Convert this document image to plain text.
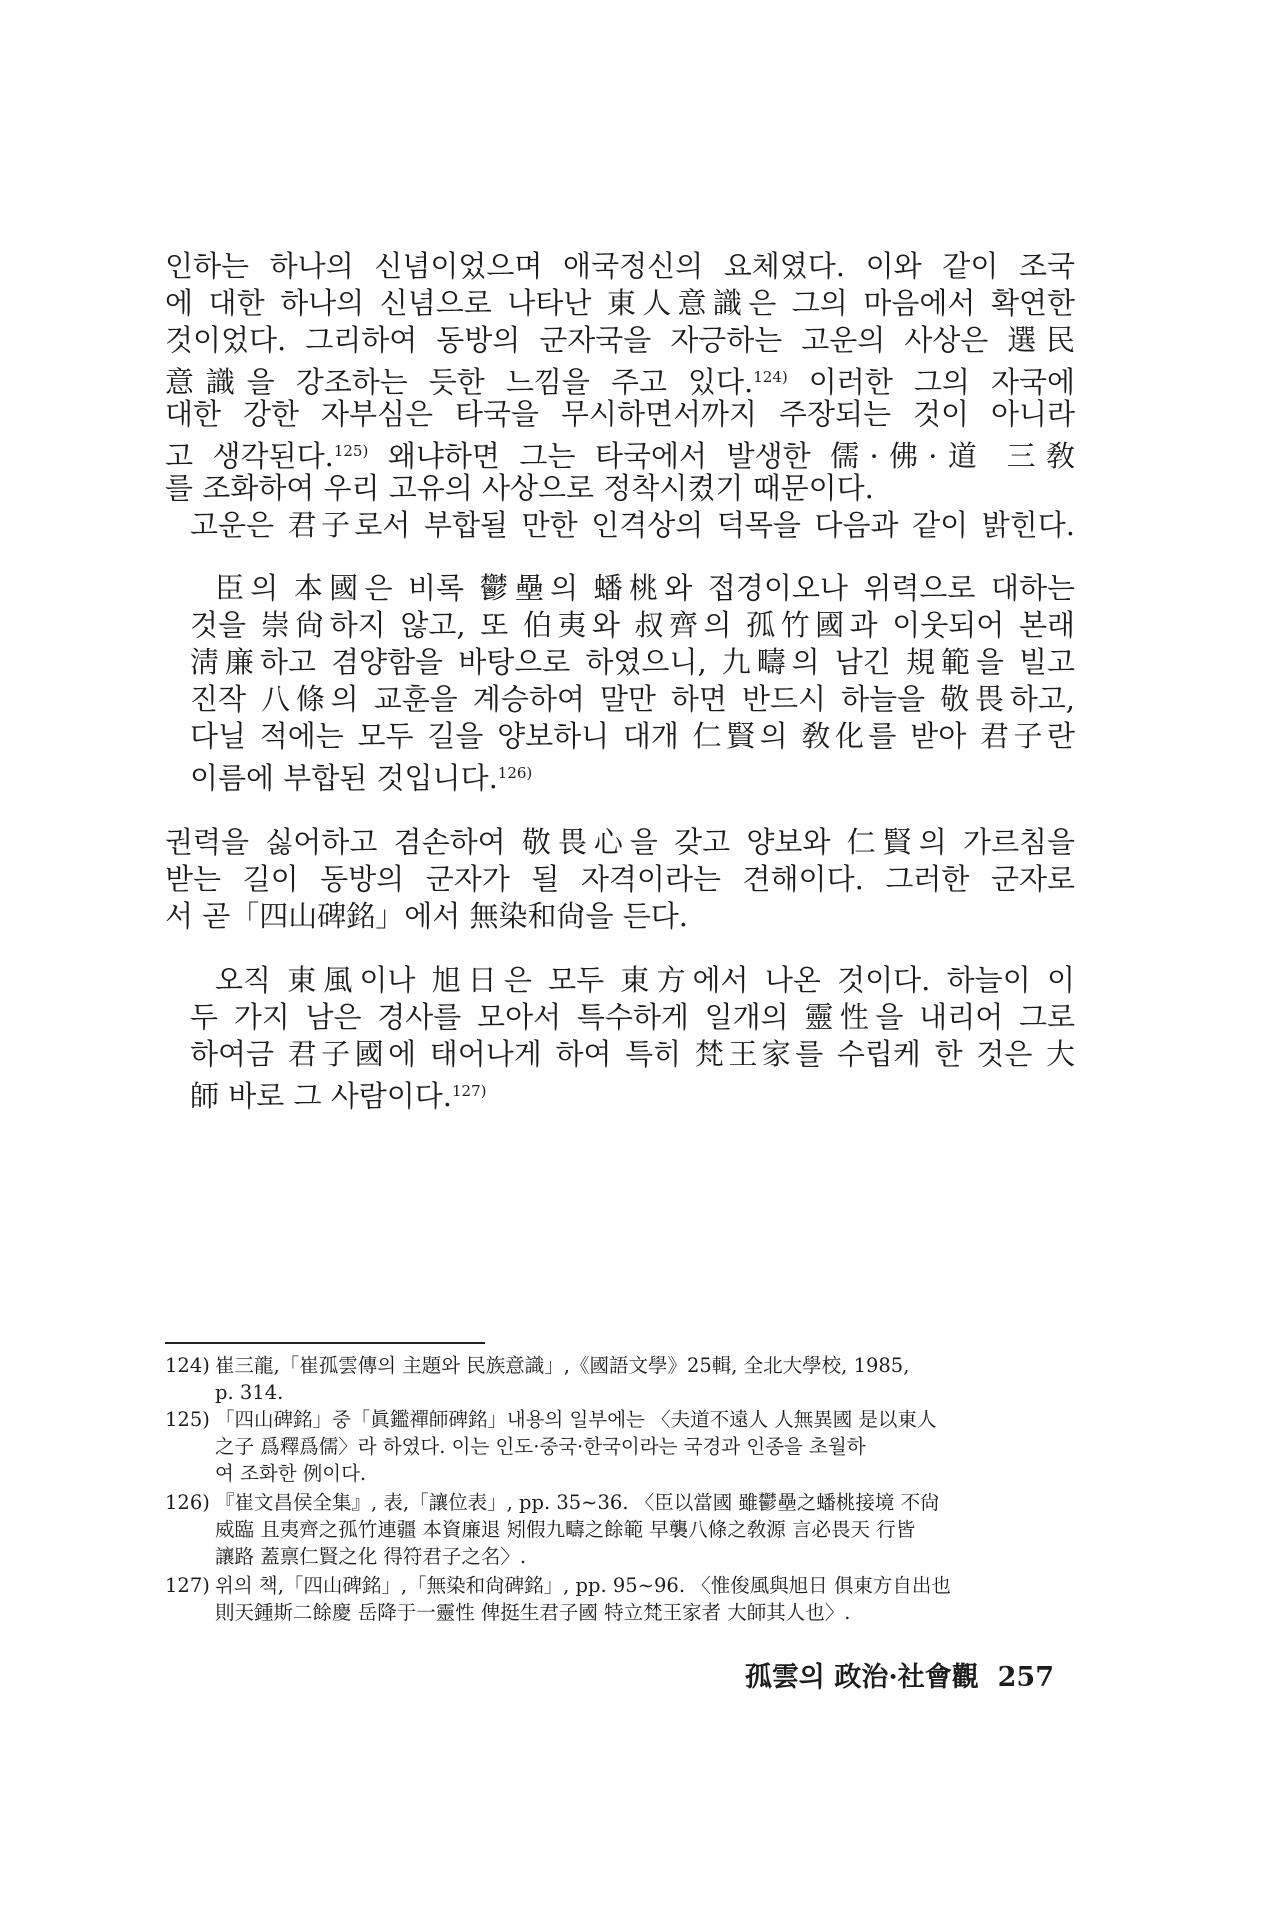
인하는 하나의 신념이었으며 애국정신의 요체였다. 이와 같이 조국
에 대한 하나의 신념으로 나타난 東人意識은 그의 마음에서 확연한
것이었다. 그리하여 동방의 군자국을 자긍하는 고운의 사상은 選民
意識을 강조하는 듯한 느낌을 주고 있다.$^{124)}$ 이러한 그의 자국에
대한 강한 자부심은 타국을 무시하면서까지 주장되는 것이 아니라
고 생각된다.$^{125)}$ 왜냐하면 그는 타국에서 발생한 儒·佛·道 三敎
를 조화하여 우리 고유의 사상으로 정착시켰기 때문이다.
고운은 君子로서 부합될 만한 인격상의 덕목을 다음과 같이 밝힌다.
臣의 本國은 비록 鬱壘의 蟠桃와 접경이오나 위력으로 대하는
것을 崇尙하지 않고, 또 伯夷와 叔齊의 孤竹國과 이웃되어 본래
淸廉하고 겸양함을 바탕으로 하였으니, 九疇의 남긴 規範을 빌고
진작 八條의 교훈을 계승하여 말만 하면 반드시 하늘을 敬畏하고,
다닐 적에는 모두 길을 양보하니 대개 仁賢의 敎化를 받아 君子란
이름에 부합된 것입니다.$^{126)}$
권력을 싫어하고 겸손하여 敬畏心을 갖고 양보와 仁賢의 가르침을
받는 길이 동방의 군자가 될 자격이라는 견해이다. 그러한 군자로
서 곧「四山碑銘」에서 無染和尙을 든다.
오직 東風이나 旭日은 모두 東方에서 나온 것이다. 하늘이 이
두 가지 남은 경사를 모아서 특수하게 일개의 靈性을 내리어 그로
하여금 君子國에 태어나게 하여 특히 梵王家를 수립케 한 것은 大
師 바로 그 사람이다.$^{127)}$
124) 崔三龍,「崔孤雲傳의 主題와 民族意識」,《國語文學》25輯, 全北大學校, 1985,
p. 314.
125) 「四山碑銘」중「眞鑑禪師碑銘」내용의 일부에는 〈夫道不遠人 人無異國 是以東人
之子 爲釋爲儒〉라 하였다. 이는 인도·중국·한국이라는 국경과 인종을 초월하
여 조화한 例이다.
126) 『崔文昌侯全集』, 表,「讓位表」, pp. 35∼36. 〈臣以當國 雖鬱壘之蟠桃接境 不尙
威臨 且夷齊之孤竹連疆 本資廉退 矧假九疇之餘範 早襲八條之敎源 言必畏天 行皆
讓路 蓋禀仁賢之化 得符君子之名〉.
127) 위의 책,「四山碑銘」,「無染和尙碑銘」, pp. 95∼96. 〈惟俊風與旭日 俱東方自出也
則天鍾斯二餘慶 岳降于一靈性 俾挺生君子國 特立梵王家者 大師其人也〉.
孤雲의 政治·社會觀 257
